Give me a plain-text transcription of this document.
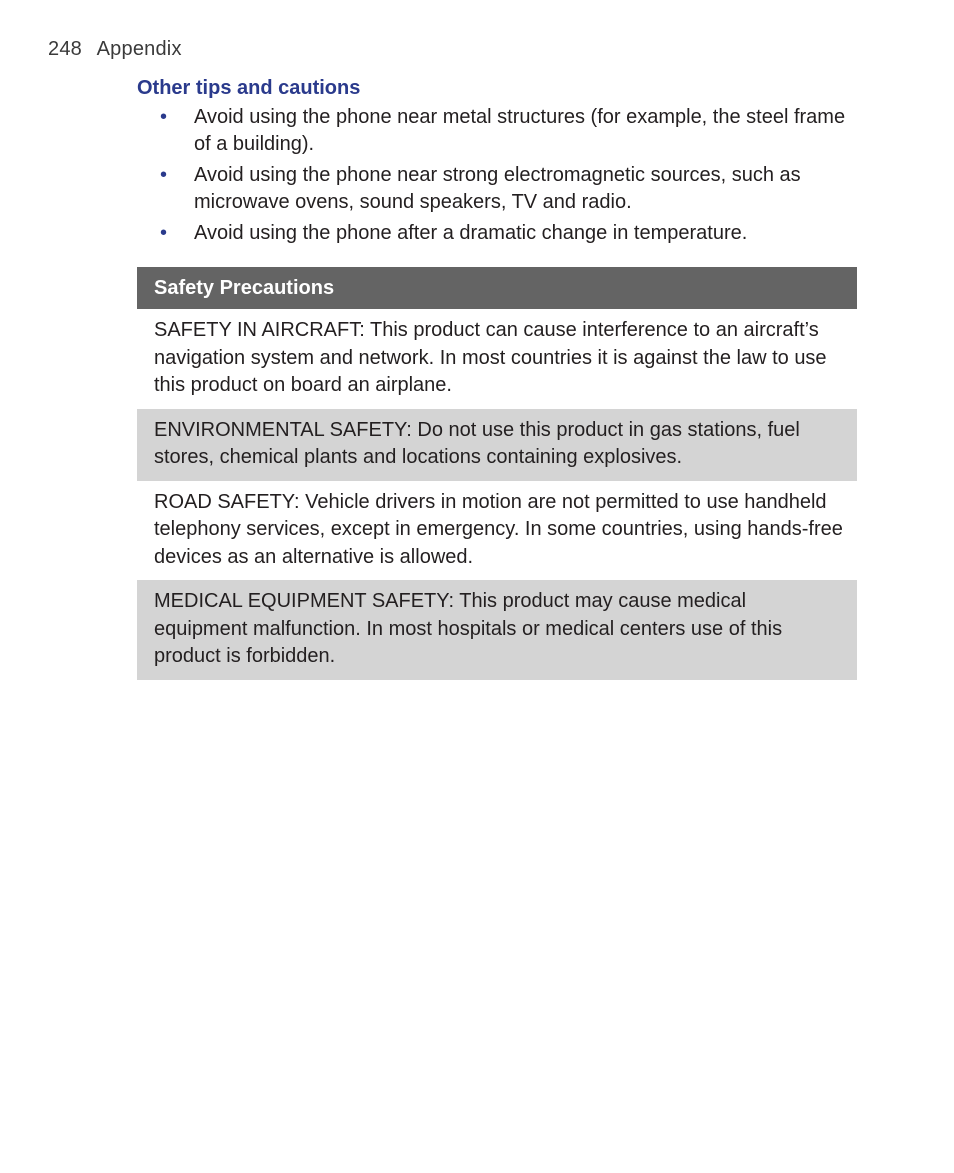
248 Appendix
Other tips and cautions
• Avoid using the phone near metal structures (for example, the steel frame of a building).
• Avoid using the phone near strong electromagnetic sources, such as microwave ovens, sound speakers, TV and radio.
• Avoid using the phone after a dramatic change in temperature.
Safety Precautions
SAFETY IN AIRCRAFT: This product can cause interference to an aircraft’s navigation system and network. In most countries it is against the law to use this product on board an airplane.
ENVIRONMENTAL SAFETY: Do not use this product in gas stations, fuel stores, chemical plants and locations containing explosives.
ROAD SAFETY: Vehicle drivers in motion are not permitted to use handheld telephony services, except in emergency. In some countries, using hands-free devices as an alternative is allowed.
MEDICAL EQUIPMENT SAFETY: This product may cause medical equipment malfunction. In most hospitals or medical centers use of this product is forbidden.
